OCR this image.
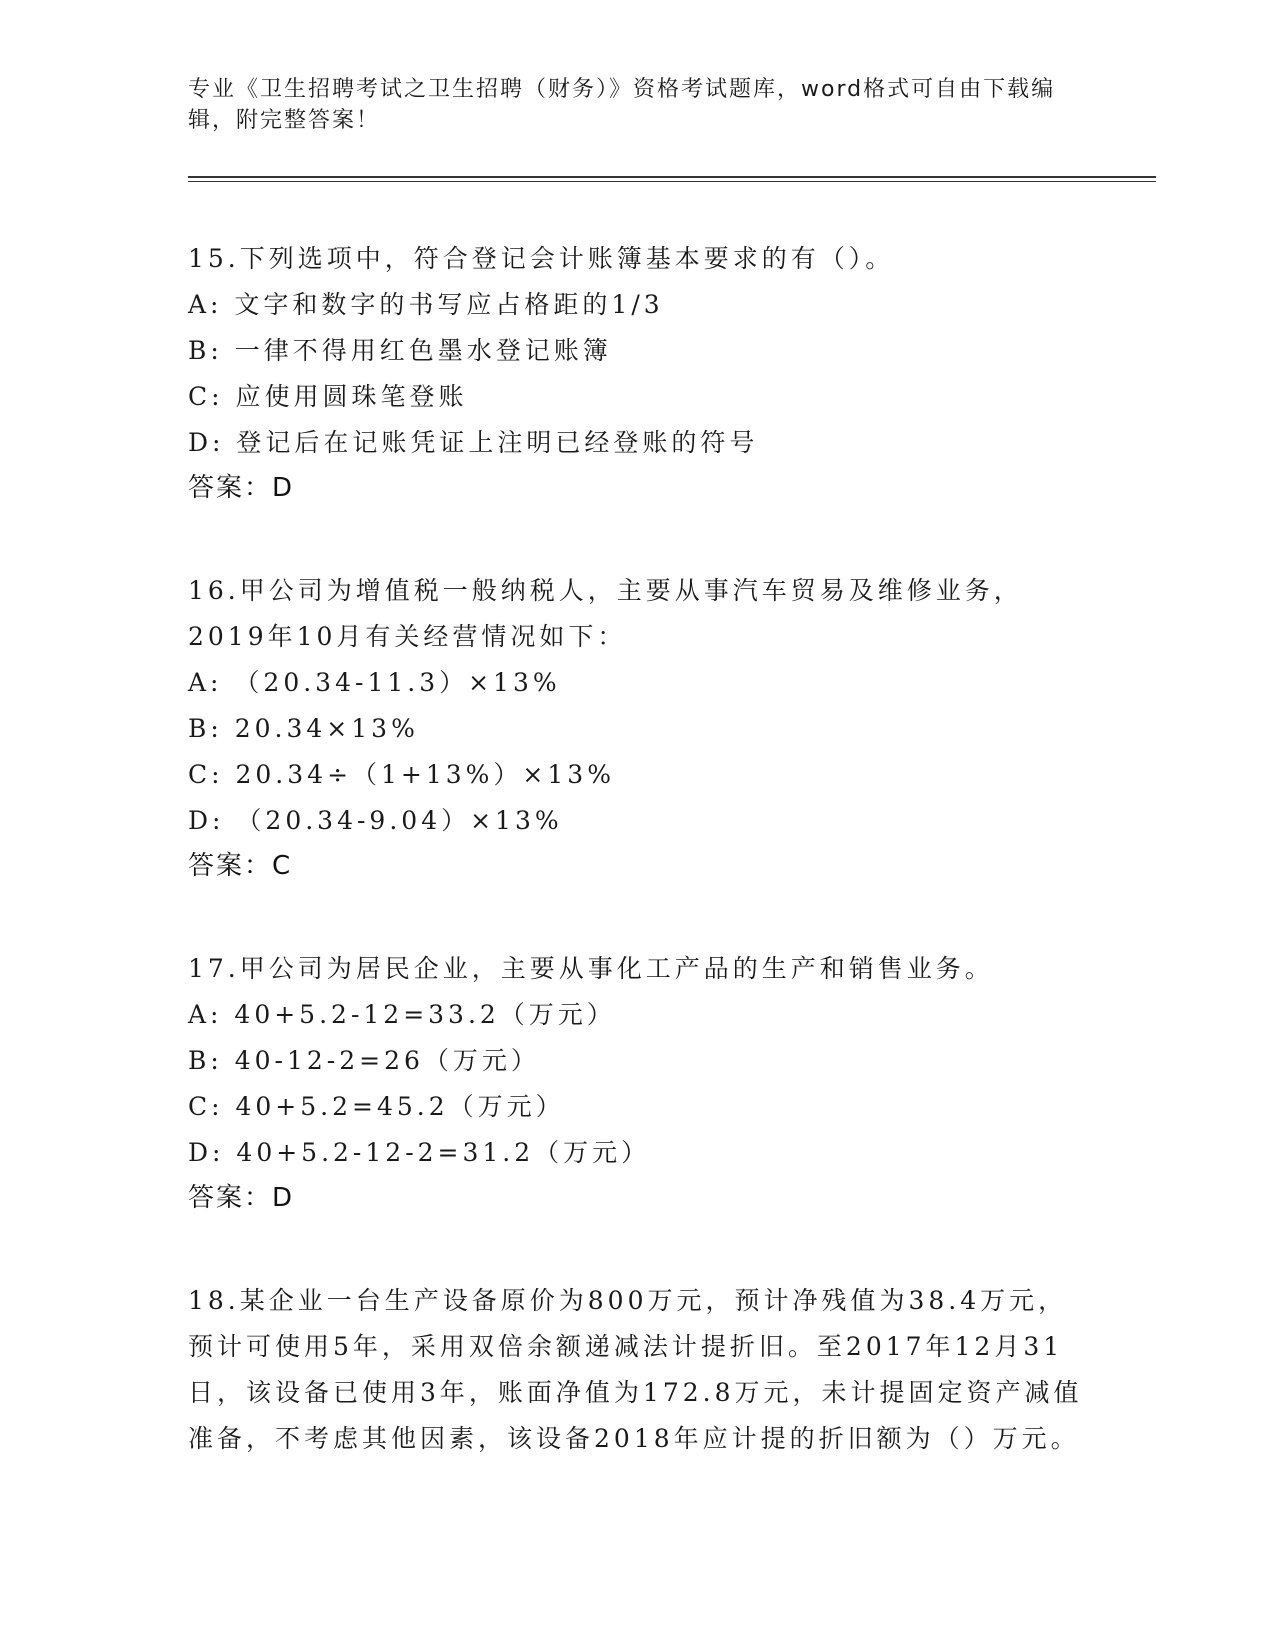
专业《卫生招聘考试之卫生招聘（财务）》资格考试题库，word格式可自由下载编辑，附完整答案！
15.下列选项中，符合登记会计账簿基本要求的有（）。
A: 文字和数字的书写应占格距的1/3
B: 一律不得用红色墨水登记账簿
C: 应使用圆珠笔登账
D: 登记后在记账凭证上注明已经登账的符号
答案：D
16.甲公司为增值税一般纳税人，主要从事汽车贸易及维修业务，2019年10月有关经营情况如下：
A: （20.34-11.3）×13%
B: 20.34×13%
C: 20.34÷（1+13%）×13%
D: （20.34-9.04）×13%
答案：C
17.甲公司为居民企业，主要从事化工产品的生产和销售业务。
A: 40+5.2-12=33.2（万元）
B: 40-12-2=26（万元）
C: 40+5.2=45.2（万元）
D: 40+5.2-12-2=31.2（万元）
答案：D
18.某企业一台生产设备原价为800万元，预计净残值为38.4万元，预计可使用5年，采用双倍余额递减法计提折旧。至2017年12月31日，该设备已使用3年，账面净值为172.8万元，未计提固定资产减值准备，不考虑其他因素，该设备2018年应计提的折旧额为（）万元。
